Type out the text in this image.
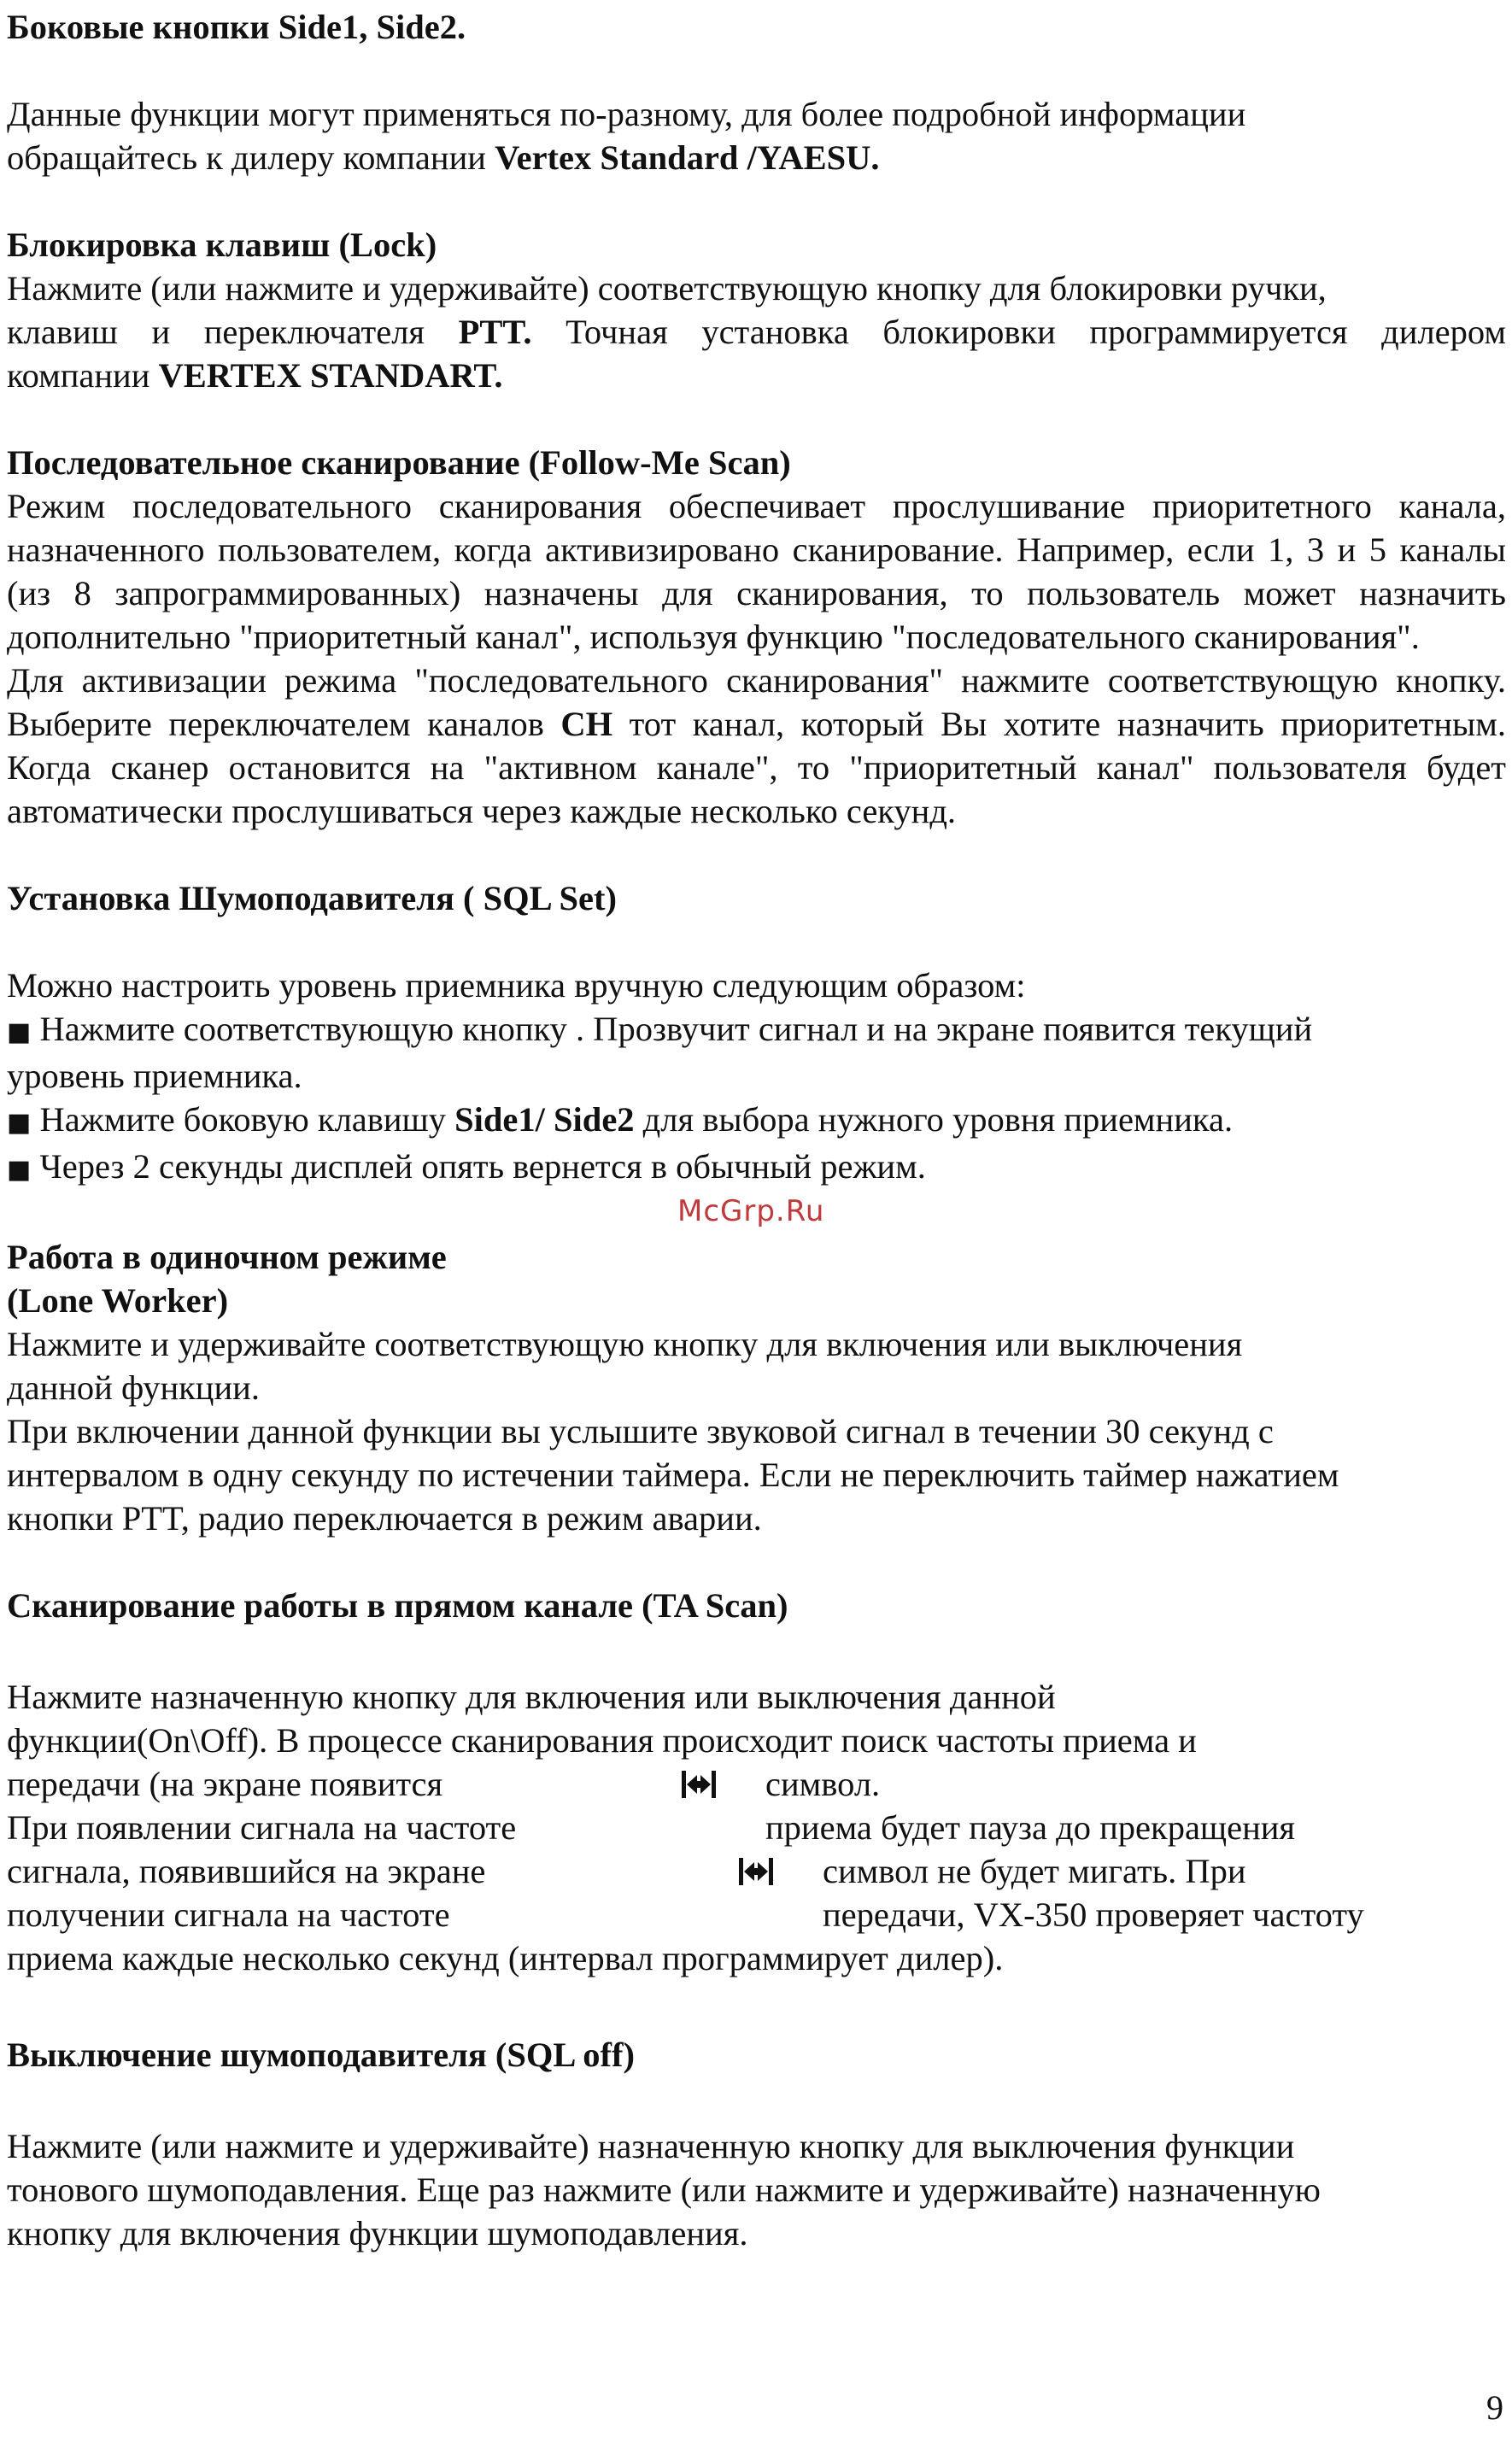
Боковые кнопки Side1, Side2.

Данные функции могут применяться по-разному, для более подробной информации

обращайтесь к дилеру компании Vertex Standard /YAESU.

Блокировка клавиш (Lock)

Нажмите (или нажмите и удерживайте) соответствующую кнопку для блокировки ручки,

клавиш и переключателя PTT. Точная установка блокировки программируется дилером

компании VERTEX STANDART.

Последовательное сканирование (Follow-Me Scan)

Режим последовательного сканирования обеспечивает прослушивание приоритетного канала, назначенного пользователем, когда активизировано сканирование. Например, если 1, 3 и 5 каналы (из 8 запрограммированных) назначены для сканирования, то пользователь может назначить дополнительно "приоритетный канал", используя функцию "последовательного сканирования".

Для активизации режима "последовательного сканирования" нажмите соответствующую кнопку. Выберите переключателем каналов CH тот канал, который Вы хотите назначить приоритетным. Когда сканер остановится на "активном канале", то "приоритетный канал" пользователя будет автоматически прослушиваться через каждые несколько секунд.

Установка Шумоподавителя ( SQL Set)

Можно настроить уровень приемника вручную следующим образом:

■ Нажмите соответствующую кнопку . Прозвучит сигнал и на экране появится текущий

уровень приемника.

■ Нажмите боковую клавишу Side1/ Side2 для выбора нужного уровня приемника.

■ Через 2 секунды дисплей опять вернется в обычный режим.

Работа в одиночном режиме

(Lone Worker)

Нажмите и удерживайте соответствующую кнопку для включения или выключения

данной функции.

При включении данной функции вы услышите звуковой сигнал в течении 30 секунд с

интервалом в одну секунду по истечении таймера. Если не переключить таймер нажатием

кнопки PTT, радио переключается в режим аварии.

Сканирование работы в прямом канале (TA Scan)

Нажмите назначенную кнопку для включения или выключения данной

функции(On\Off). В процессе сканирования происходит поиск частоты приема и

передачи (на экране появится	символ.
При появлении сигнала на частоте	приема будет пауза до прекращения
сигнала, появившийся на экране	символ не будет мигать. При
получении сигнала на частоте	передачи, VX-350 проверяет частоту

приема каждые несколько секунд (интервал программирует дилер).

Выключение шумоподавителя (SQL off)

Нажмите (или нажмите и удерживайте) назначенную кнопку для выключения функции

тонового шумоподавления. Еще раз нажмите (или нажмите и удерживайте) назначенную

кнопку для включения функции шумоподавления.

McGrp.Ru
9
